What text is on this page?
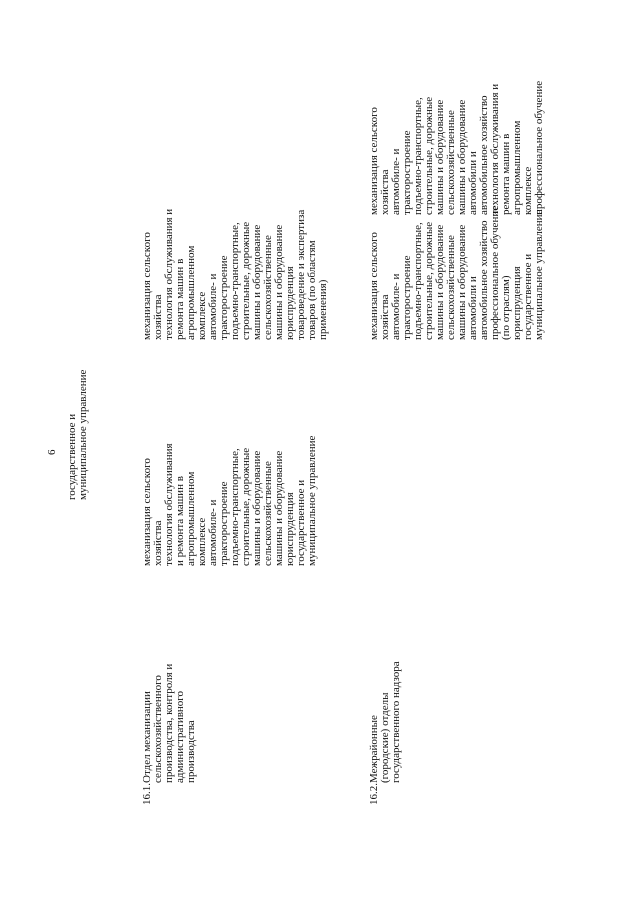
6 государственное и муниципальное управление
16.1.
Отдел механизации сельскохозяйственного производства, контроля и административного производства
механизация сельского хозяйства технология обслуживания и ремонта машин в агропромышленном комплексе автомобиле- и тракторостроение подъемно-транспортные, строительные, дорожные машины и оборудование сельскохозяйственные машины и оборудование юриспруденция государственное и муниципальное управление
механизация сельского хозяйства технология обслуживания и ремонта машин в агропромышленном комплексе автомобиле- и тракторостроение подъемно-транспортные, строительные, дорожные машины и оборудование сельскохозяйственные машины и оборудование юриспруденция товароведение и экспертиза товаров (по областям применения)
16.2.
Межрайонные (городские) отделы государственного надзора
механизация сельского хозяйства автомобиле- и тракторостроение подъемно-транспортные, строительные, дорожные машины и оборудование сельскохозяйственные машины и оборудование автомобили и автомобильное хозяйство профессиональное обучение (по отраслям) юриспруденция государственное и муниципальное управление
механизация сельского хозяйства автомобиле- и тракторостроение подъемно-транспортные, строительные, дорожные машины и оборудование сельскохозяйственные машины и оборудование автомобили и автомобильное хозяйство технология обслуживания и ремонта машин в агропромышленном комплексе профессиональное обучение
